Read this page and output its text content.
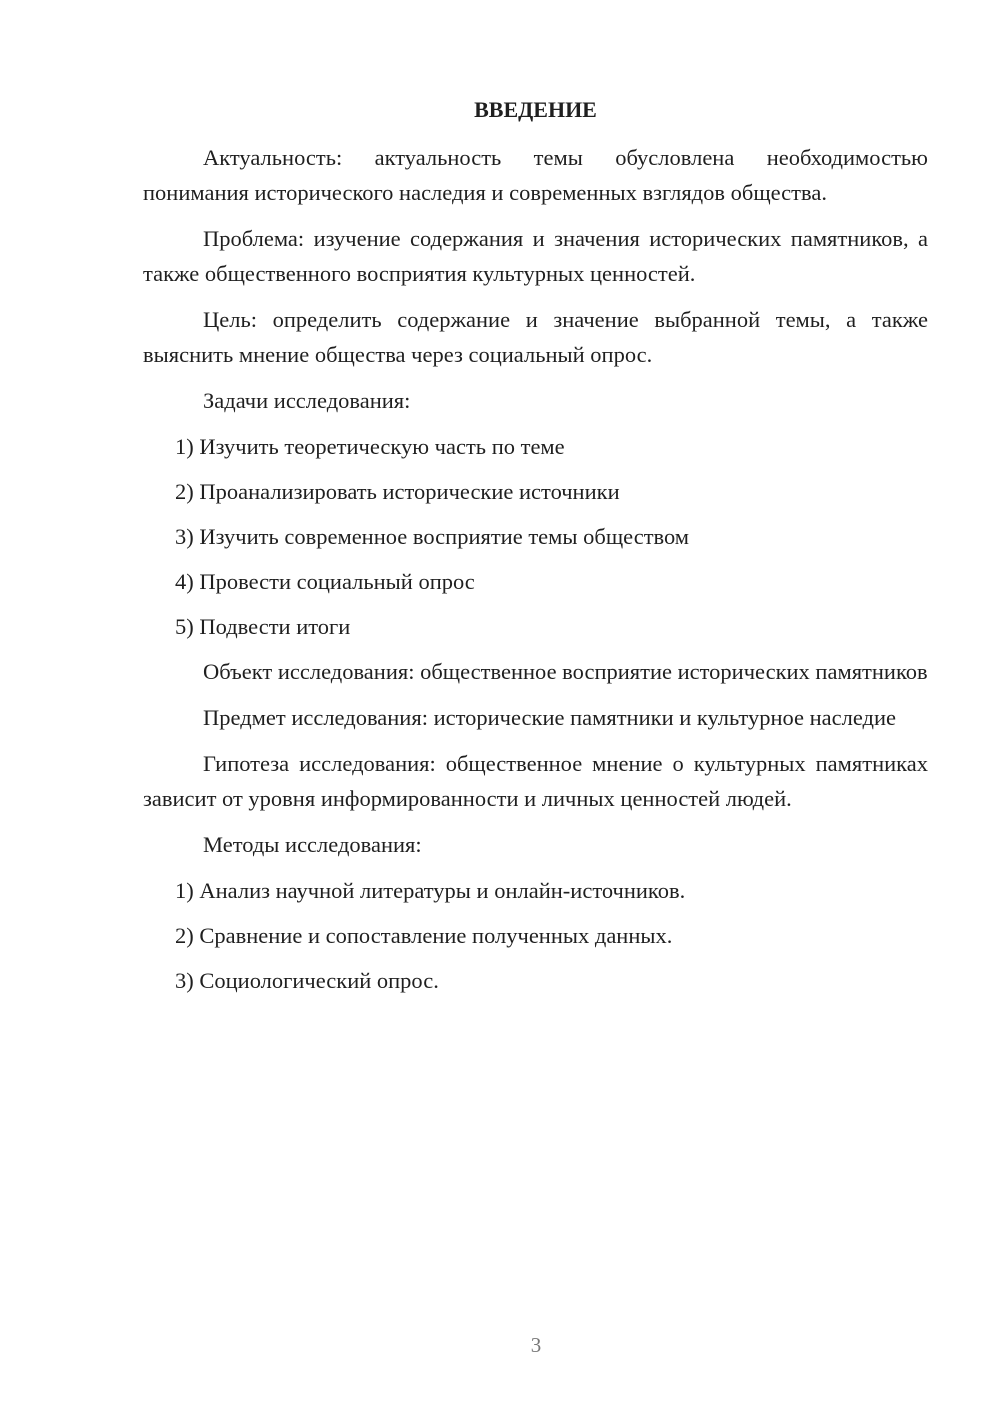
ВВЕДЕНИЕ
Актуальность: актуальность темы обусловлена необходимостью понимания исторического наследия и современных взглядов общества.
Проблема: изучение содержания и значения исторических памятников, а также общественного восприятия культурных ценностей.
Цель: определить содержание и значение выбранной темы, а также выяснить мнение общества через социальный опрос.
Задачи исследования:
1) Изучить теоретическую часть по теме
2) Проанализировать исторические источники
3) Изучить современное восприятие темы обществом
4) Провести социальный опрос
5) Подвести итоги
Объект исследования: общественное восприятие исторических памятников
Предмет исследования: исторические памятники и культурное наследие
Гипотеза исследования: общественное мнение о культурных памятниках зависит от уровня информированности и личных ценностей людей.
Методы исследования:
1) Анализ научной литературы и онлайн-источников.
2) Сравнение и сопоставление полученных данных.
3) Социологический опрос.
3
